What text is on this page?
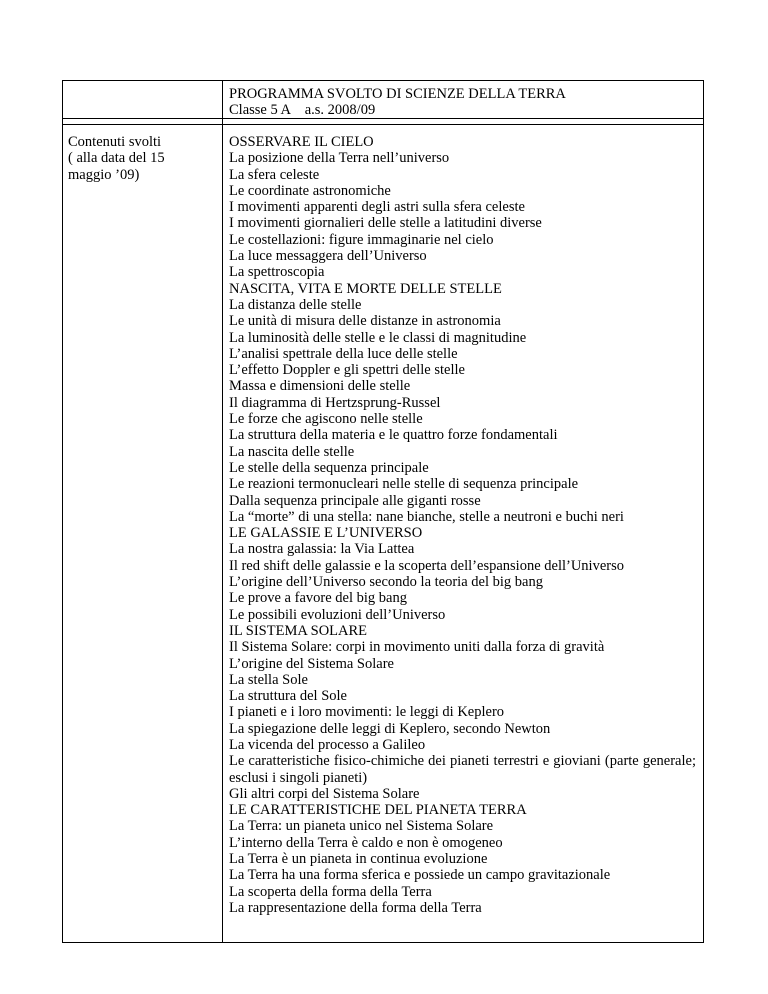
PROGRAMMA SVOLTO DI SCIENZE DELLA TERRA
Classe 5 A    a.s. 2008/09
Contenuti svolti
( alla data del 15
maggio ’09)
OSSERVARE IL CIELO
La posizione della Terra nell’universo
La sfera celeste
Le coordinate astronomiche
I movimenti apparenti degli astri sulla sfera celeste
I movimenti giornalieri delle stelle a latitudini diverse
Le costellazioni: figure immaginarie nel cielo
La luce messaggera dell’Universo
La spettroscopia
NASCITA, VITA E MORTE DELLE STELLE
La distanza delle stelle
Le unità di misura delle distanze in astronomia
La luminosità delle stelle e le classi di magnitudine
L’analisi spettrale della luce delle stelle
L’effetto Doppler e gli spettri delle stelle
Massa e dimensioni delle stelle
Il diagramma di Hertzsprung-Russel
Le forze che agiscono nelle stelle
La struttura della materia e le quattro forze fondamentali
La nascita delle stelle
Le stelle della sequenza principale
Le reazioni termonucleari nelle stelle di sequenza principale
Dalla sequenza principale alle giganti rosse
La “morte” di una stella: nane bianche, stelle a neutroni e buchi neri
LE GALASSIE E L’UNIVERSO
La nostra galassia: la Via Lattea
Il red shift delle galassie e la scoperta dell’espansione dell’Universo
L’origine dell’Universo secondo la teoria del big bang
Le prove a favore del big bang
Le possibili evoluzioni dell’Universo
IL SISTEMA SOLARE
Il Sistema Solare: corpi in movimento uniti dalla forza di gravità
L’origine del Sistema Solare
La stella Sole
La struttura del Sole
I pianeti e i loro movimenti: le leggi di Keplero
La spiegazione delle leggi di Keplero, secondo Newton
La vicenda del processo a Galileo
Le caratteristiche fisico-chimiche dei pianeti terrestri e gioviani (parte generale; esclusi i singoli pianeti)
Gli altri corpi del Sistema Solare
LE CARATTERISTICHE DEL PIANETA TERRA
La Terra: un pianeta unico nel Sistema Solare
L’interno della Terra è caldo e non è omogeneo
La Terra è un pianeta in continua evoluzione
La Terra ha una forma sferica e possiede un campo gravitazionale
La scoperta della forma della Terra
La rappresentazione della forma della Terra
